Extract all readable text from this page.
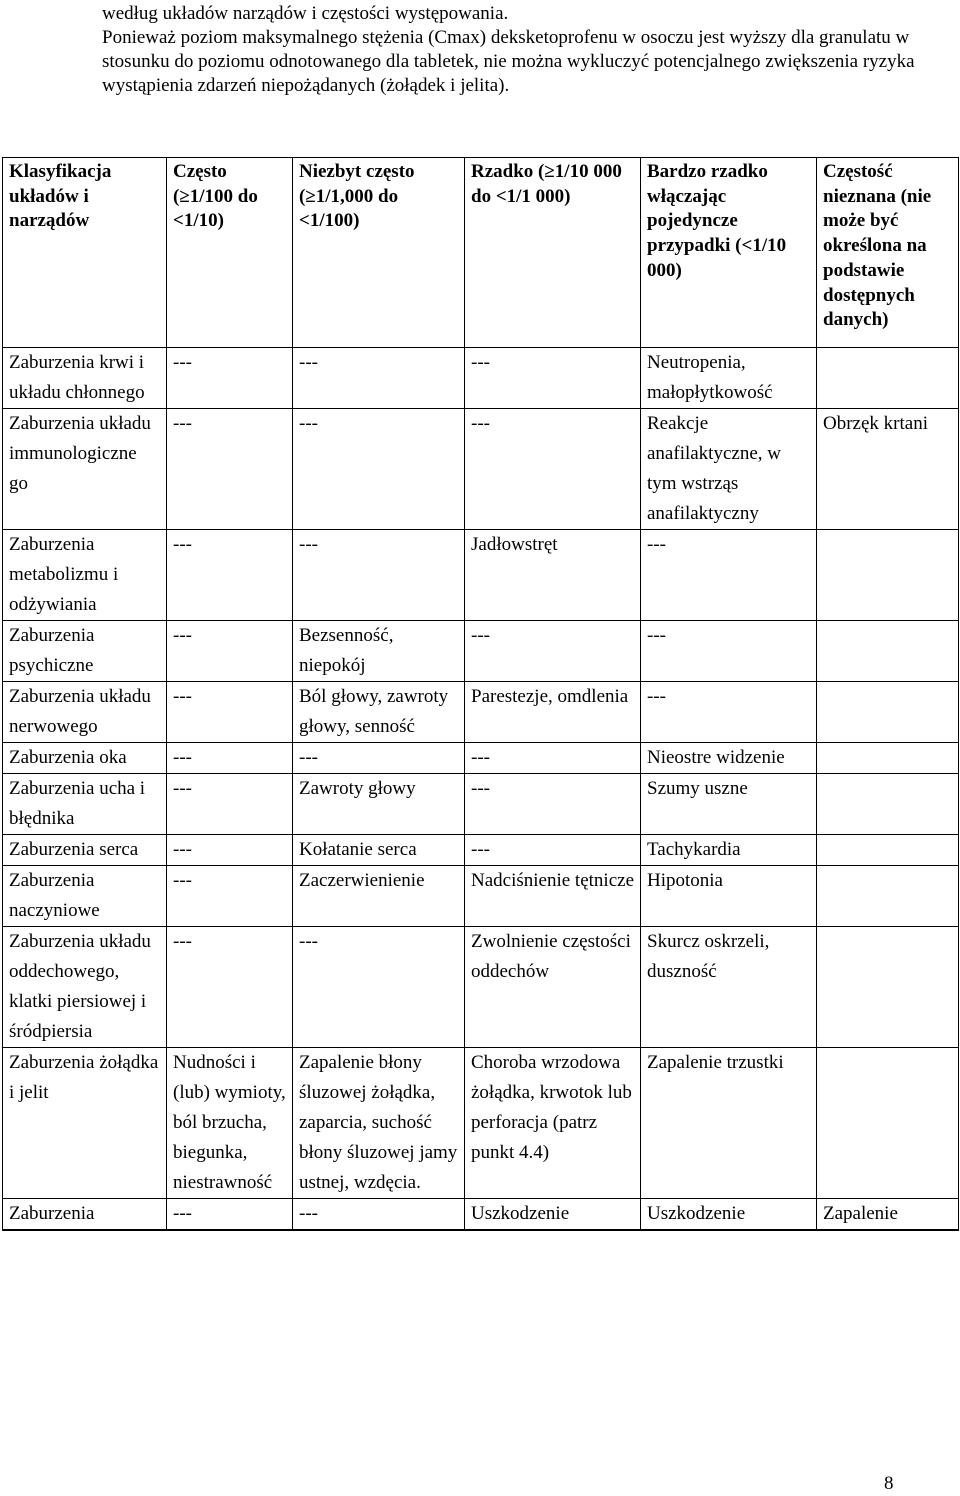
według układów narządów i częstości występowania.

Ponieważ poziom maksymalnego stężenia (Cmax) deksketoprofenu w osoczu jest wyższy dla granulatu w stosunku do poziomu odnotowanego dla tabletek, nie można wykluczyć potencjalnego zwiększenia ryzyka wystąpienia zdarzeń niepożądanych (żołądek i jelita).

Klasyfikacja układów i narządów	Często (≥1/100 do <1/10)	Niezbyt często (≥1/1,000 do <1/100)	Rzadko (≥1/10 000 do <1/1 000)	Bardzo rzadko włączając pojedyncze przypadki (<1/10 000)	Częstość nieznana (nie może być określona na podstawie dostępnych danych)
Zaburzenia krwi i układu chłonnego	---	---	---	Neutropenia, małopłytkowość	
Zaburzenia układu immunologiczne go	---	---	---	Reakcje anafilaktyczne, w tym wstrząs anafilaktyczny	Obrzęk krtani
Zaburzenia metabolizmu i odżywiania	---	---	Jadłowstręt	---	
Zaburzenia psychiczne	---	Bezsenność, niepokój	---	---	
Zaburzenia układu nerwowego	---	Ból głowy, zawroty głowy, senność	Parestezje, omdlenia	---	
Zaburzenia oka	---	---	---	Nieostre widzenie	
Zaburzenia ucha i błędnika	---	Zawroty głowy	---	Szumy uszne	
Zaburzenia serca	---	Kołatanie serca	---	Tachykardia	
Zaburzenia naczyniowe	---	Zaczerwienienie	Nadciśnienie tętnicze	Hipotonia	
Zaburzenia układu oddechowego, klatki piersiowej i śródpiersia	---	---	Zwolnienie częstości oddechów	Skurcz oskrzeli, duszność	
Zaburzenia żołądka i jelit	Nudności i (lub) wymioty, ból brzucha, biegunka, niestrawność	Zapalenie błony śluzowej żołądka, zaparcia, suchość błony śluzowej jamy ustnej, wzdęcia.	Choroba wrzodowa żołądka, krwotok lub perforacja (patrz punkt 4.4)	Zapalenie trzustki	
Zaburzenia	---	---	Uszkodzenie	Uszkodzenie	Zapalenie
8
